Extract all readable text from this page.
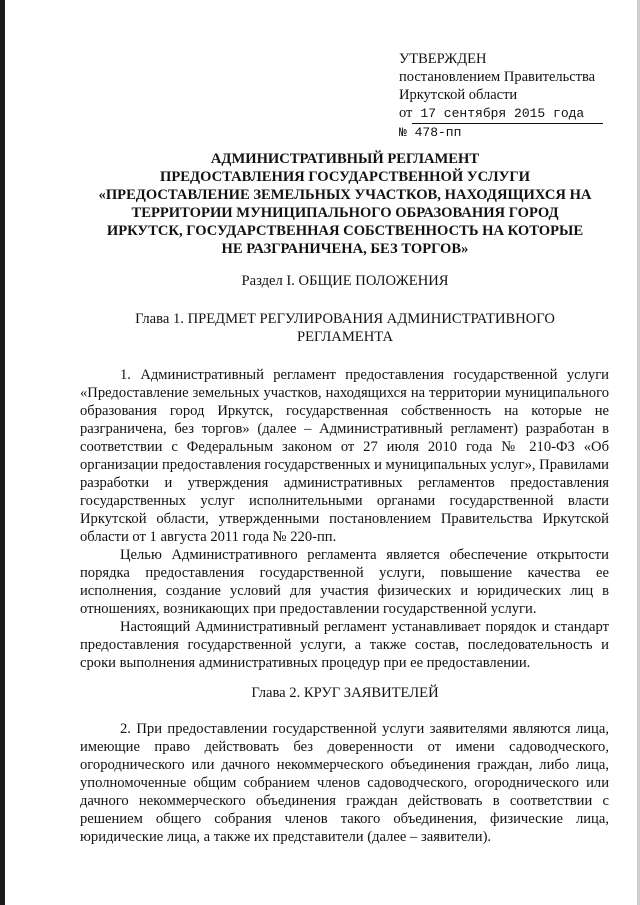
УТВЕРЖДЕН
постановлением Правительства
Иркутской области
от 17 сентября 2015 года
№ 478-пп
АДМИНИСТРАТИВНЫЙ РЕГЛАМЕНТ
ПРЕДОСТАВЛЕНИЯ ГОСУДАРСТВЕННОЙ УСЛУГИ
«ПРЕДОСТАВЛЕНИЕ ЗЕМЕЛЬНЫХ УЧАСТКОВ, НАХОДЯЩИХСЯ НА
ТЕРРИТОРИИ МУНИЦИПАЛЬНОГО ОБРАЗОВАНИЯ ГОРОД
ИРКУТСК, ГОСУДАРСТВЕННАЯ СОБСТВЕННОСТЬ НА КОТОРЫЕ
НЕ РАЗГРАНИЧЕНА, БЕЗ ТОРГОВ»
Раздел I. ОБЩИЕ ПОЛОЖЕНИЯ
Глава 1. ПРЕДМЕТ РЕГУЛИРОВАНИЯ АДМИНИСТРАТИВНОГО
РЕГЛАМЕНТА

1. Административный регламент предоставления государственной услуги «Предоставление земельных участков, находящихся на территории муниципального образования город Иркутск, государственная собственность на которые не разграничена, без торгов» (далее – Административный регламент) разработан в соответствии с Федеральным законом от 27 июля 2010 года № 210-ФЗ «Об организации предоставления государственных и муниципальных услуг», Правилами разработки и утверждения административных регламентов предоставления государственных услуг исполнительными органами государственной власти Иркутской области, утвержденными постановлением Правительства Иркутской области от 1 августа 2011 года № 220-пп.

Целью Административного регламента является обеспечение открытости порядка предоставления государственной услуги, повышение качества ее исполнения, создание условий для участия физических и юридических лиц в отношениях, возникающих при предоставлении государственной услуги.

Настоящий Административный регламент устанавливает порядок и стандарт предоставления государственной услуги, а также состав, последовательность и сроки выполнения административных процедур при ее предоставлении.

Глава 2. КРУГ ЗАЯВИТЕЛЕЙ

2. При предоставлении государственной услуги заявителями являются лица, имеющие право действовать без доверенности от имени садоводческого, огороднического или дачного некоммерческого объединения граждан, либо лица, уполномоченные общим собранием членов садоводческого, огороднического или дачного некоммерческого объединения граждан действовать в соответствии с решением общего собрания членов такого объединения, физические лица, юридические лица, а также их представители (далее – заявители).
